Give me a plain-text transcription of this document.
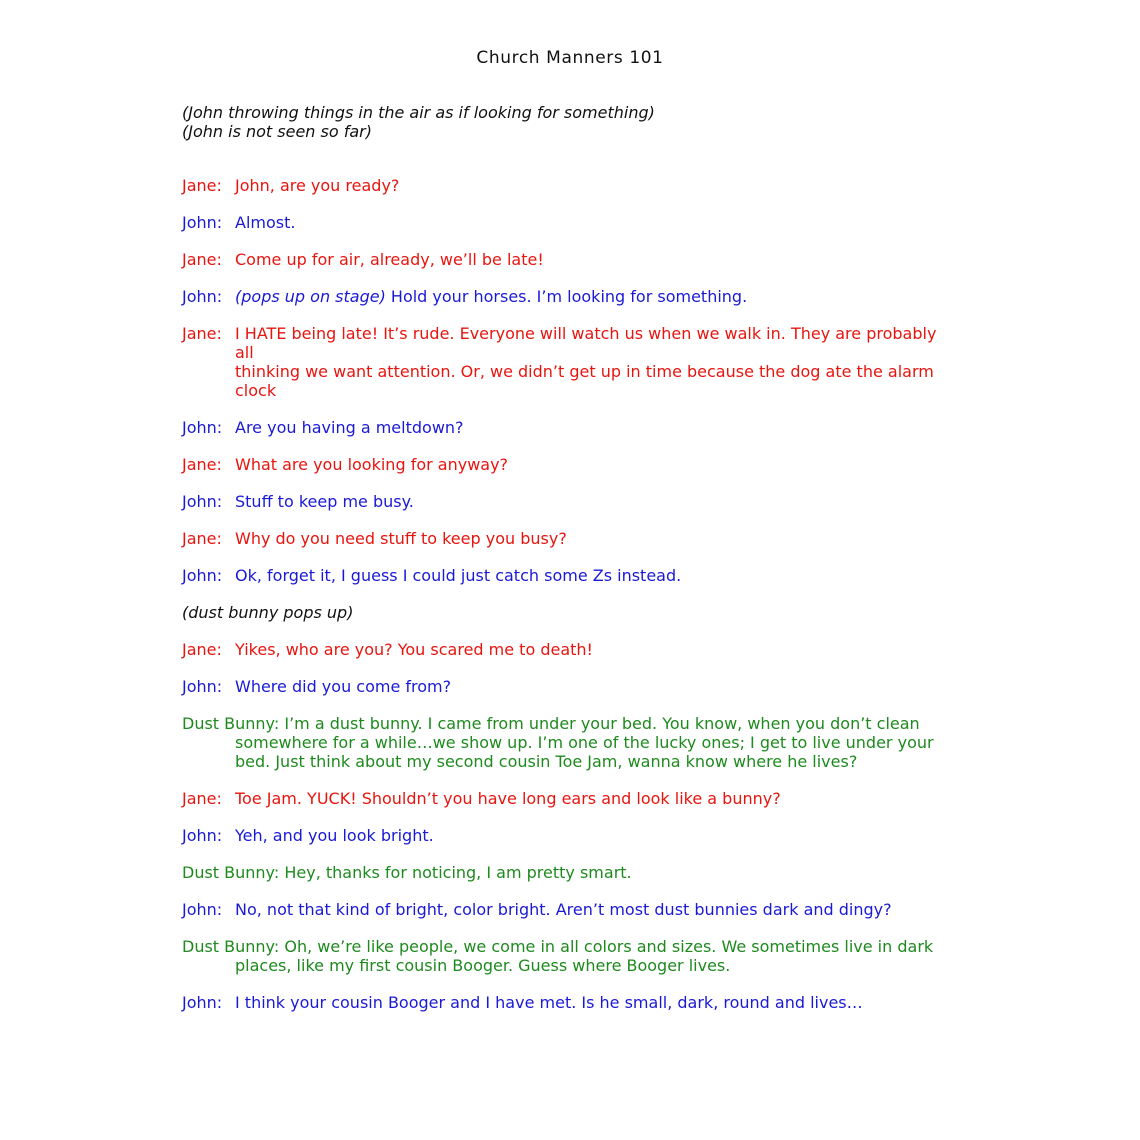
Church Manners 101
(John throwing things in the air as if looking for something)
(John is not seen so far)
Jane: John, are you ready?
John: Almost.
Jane: Come up for air, already, we’ll be late!
John: (pops up on stage) Hold your horses. I’m looking for something.
Jane: I HATE being late! It’s rude. Everyone will watch us when we walk in. They are probably all
thinking we want attention. Or, we didn’t get up in time because the dog ate the alarm
clock
John: Are you having a meltdown?
Jane: What are you looking for anyway?
John: Stuff to keep me busy.
Jane: Why do you need stuff to keep you busy?
John: Ok, forget it, I guess I could just catch some Zs instead.
(dust bunny pops up)
Jane: Yikes, who are you? You scared me to death!
John: Where did you come from?
Dust Bunny: I’m a dust bunny. I came from under your bed. You know, when you don’t clean
somewhere for a while…we show up. I’m one of the lucky ones; I get to live under your
bed. Just think about my second cousin Toe Jam, wanna know where he lives?
Jane: Toe Jam. YUCK! Shouldn’t you have long ears and look like a bunny?
John: Yeh, and you look bright.
Dust Bunny: Hey, thanks for noticing, I am pretty smart.
John: No, not that kind of bright, color bright. Aren’t most dust bunnies dark and dingy?
Dust Bunny: Oh, we’re like people, we come in all colors and sizes. We sometimes live in dark
places, like my first cousin Booger. Guess where Booger lives.
John: I think your cousin Booger and I have met. Is he small, dark, round and lives…
